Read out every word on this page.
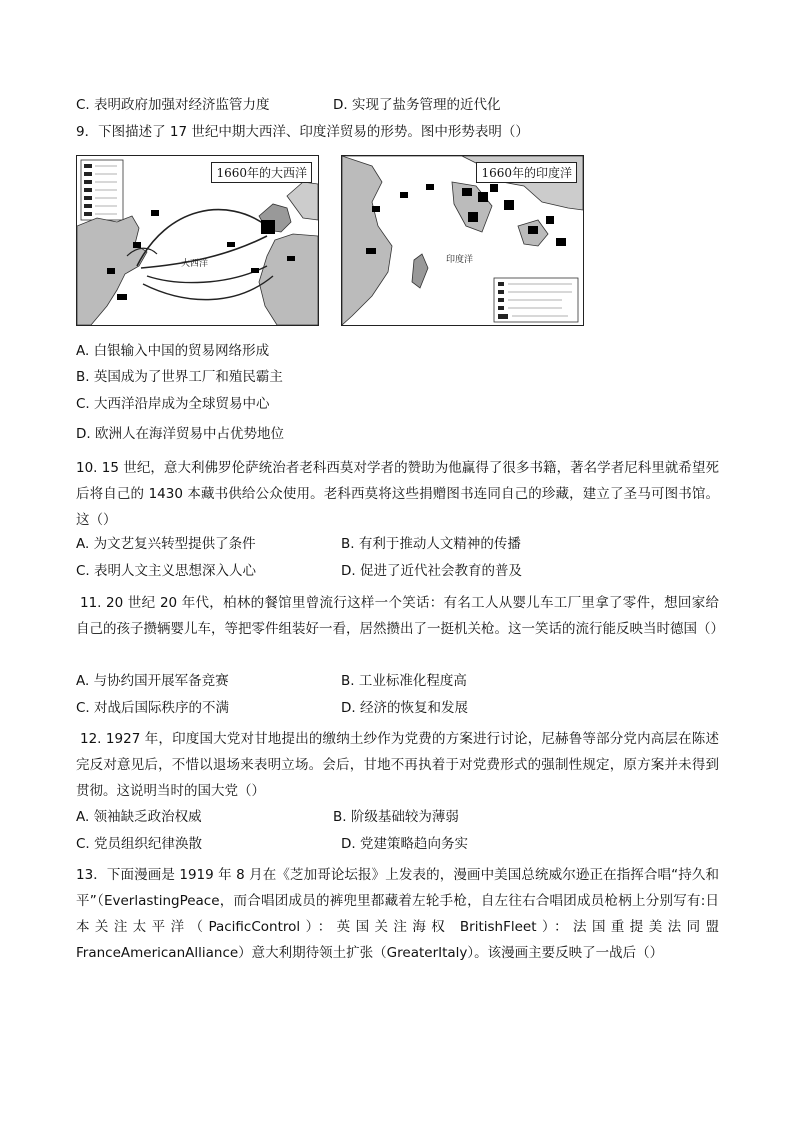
C. 表明政府加强对经济监管力度	D. 实现了盐务管理的近代化
9．下图描述了 17 世纪中期大西洋、印度洋贸易的形势。图中形势表明（）
大西洋
1660年的大西洋
印度洋
1660年的印度洋
A. 白银输入中国的贸易网络形成
B. 英国成为了世界工厂和殖民霸主
C. 大西洋沿岸成为全球贸易中心
D. 欧洲人在海洋贸易中占优势地位
10. 15 世纪，意大利佛罗伦萨统治者老科西莫对学者的赞助为他赢得了很多书籍，著名学者尼科里就希望死后将自己的 1430 本藏书供给公众使用。老科西莫将这些捐赠图书连同自己的珍藏，建立了圣马可图书馆。这（）
A. 为文艺复兴转型提供了条件	B. 有利于推动人文精神的传播
C. 表明人文主义思想深入人心	D. 促进了近代社会教育的普及
11. 20 世纪 20 年代，柏林的餐馆里曾流行这样一个笑话：有名工人从婴儿车工厂里拿了零件，想回家给自己的孩子攒辆婴儿车，等把零件组装好一看，居然攒出了一挺机关枪。这一笑话的流行能反映当时德国（）
A. 与协约国开展军备竞赛	B. 工业标准化程度高
C. 对战后国际秩序的不满	D. 经济的恢复和发展
12. 1927 年，印度国大党对甘地提出的缴纳土纱作为党费的方案进行讨论，尼赫鲁等部分党内高层在陈述完反对意见后，不惜以退场来表明立场。会后，甘地不再执着于对党费形式的强制性规定，原方案并未得到贯彻。这说明当时的国大党（）
A. 领袖缺乏政治权威	B. 阶级基础较为薄弱
C. 党员组织纪律涣散	D. 党建策略趋向务实
13．下面漫画是 1919 年 8 月在《芝加哥论坛报》上发表的，漫画中美国总统威尔逊正在指挥合唱“持久和平”（EverlastingPeace，而合唱团成员的裤兜里都藏着左轮手枪，自左往右合唱团成员枪柄上分别写有:日本关注太平洋（PacificControl）：英国关注海权 BritishFleet）：法国重提美法同盟 FranceAmericanAlliance）意大利期待领土扩张（GreaterItaly）。该漫画主要反映了一战后（）
